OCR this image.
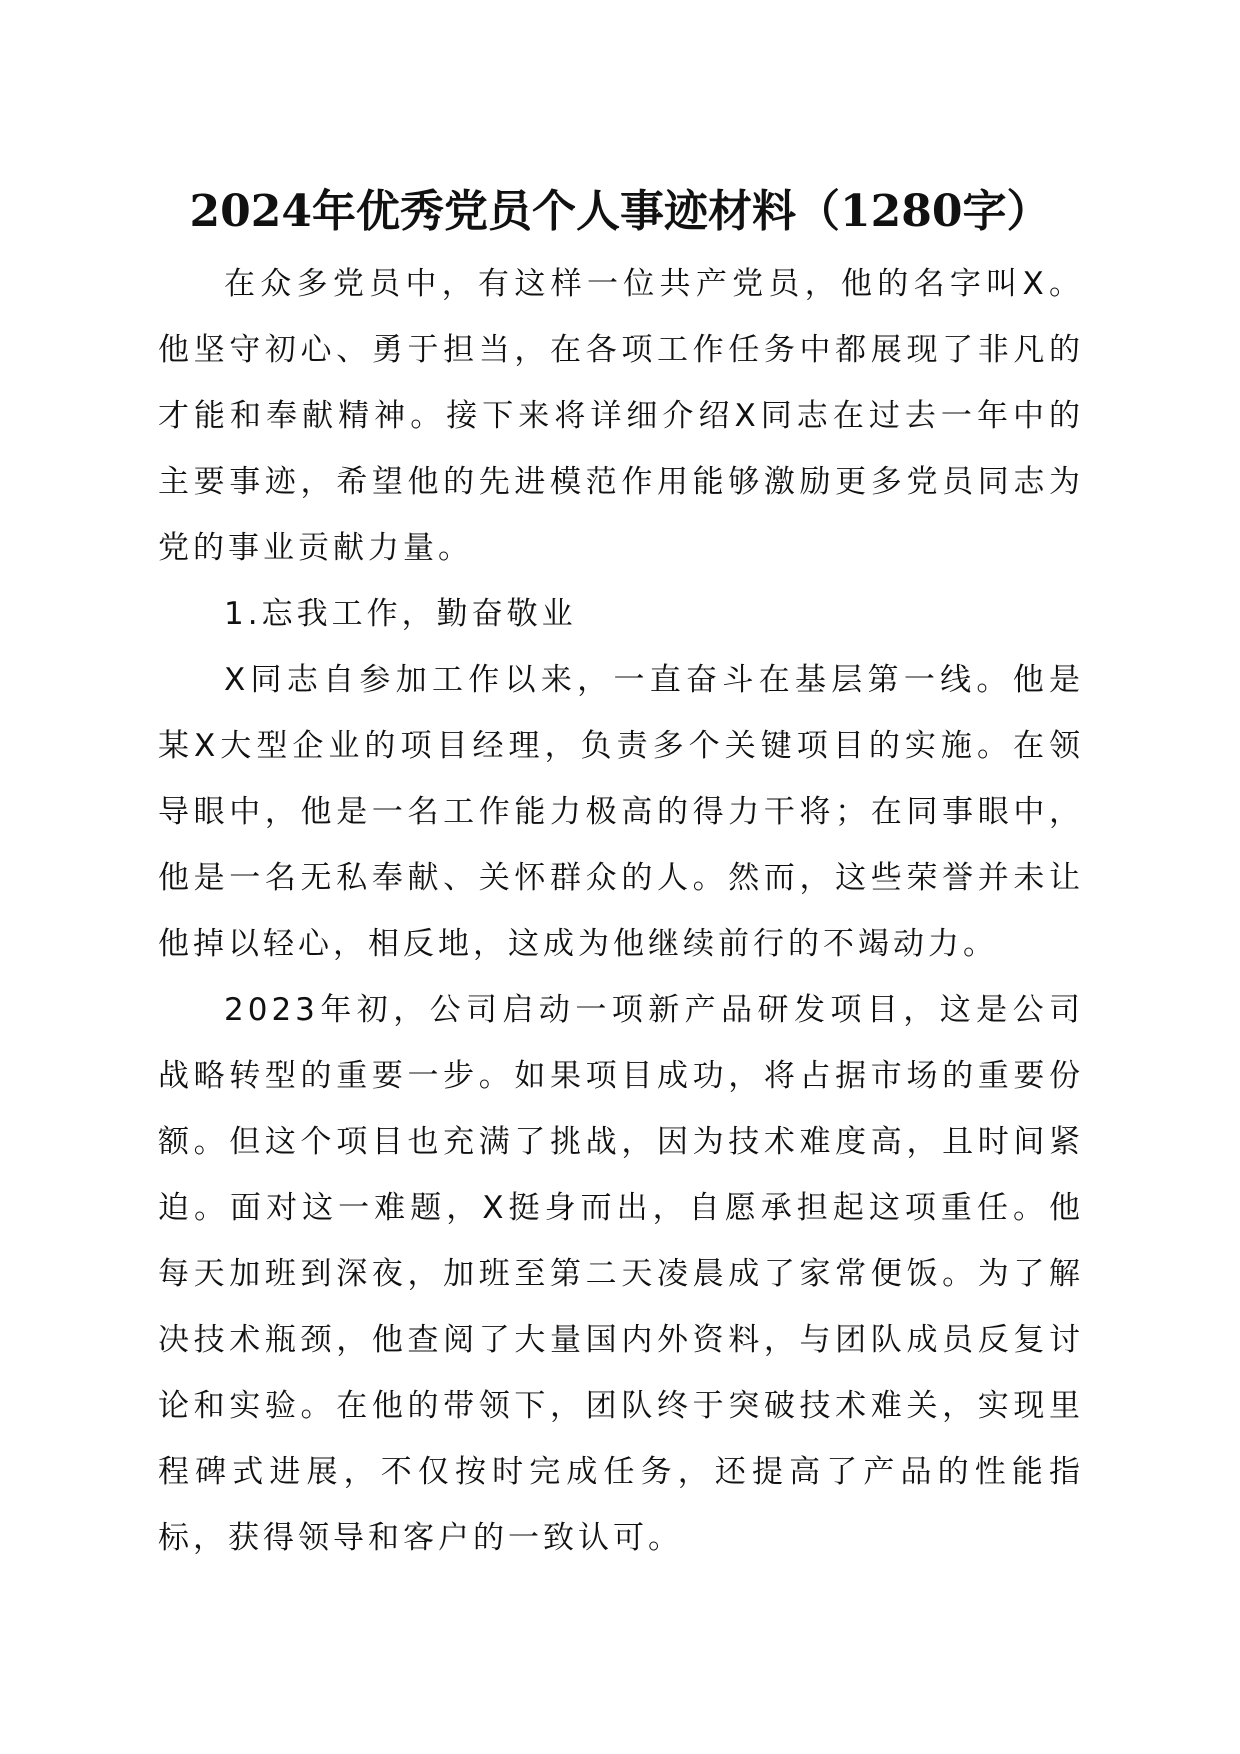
2024年优秀党员个人事迹材料（1280字）

在众多党员中，有这样一位共产党员，他的名字叫X。他坚守初心、勇于担当，在各项工作任务中都展现了非凡的才能和奉献精神。接下来将详细介绍X同志在过去一年中的主要事迹，希望他的先进模范作用能够激励更多党员同志为党的事业贡献力量。

1.忘我工作，勤奋敬业

X同志自参加工作以来，一直奋斗在基层第一线。他是某X大型企业的项目经理，负责多个关键项目的实施。在领导眼中，他是一名工作能力极高的得力干将；在同事眼中，他是一名无私奉献、关怀群众的人。然而，这些荣誉并未让他掉以轻心，相反地，这成为他继续前行的不竭动力。

2023年初，公司启动一项新产品研发项目，这是公司战略转型的重要一步。如果项目成功，将占据市场的重要份额。但这个项目也充满了挑战，因为技术难度高，且时间紧迫。面对这一难题，X挺身而出，自愿承担起这项重任。他每天加班到深夜，加班至第二天凌晨成了家常便饭。为了解决技术瓶颈，他查阅了大量国内外资料，与团队成员反复讨论和实验。在他的带领下，团队终于突破技术难关，实现里程碑式进展，不仅按时完成任务，还提高了产品的性能指标，获得领导和客户的一致认可。
